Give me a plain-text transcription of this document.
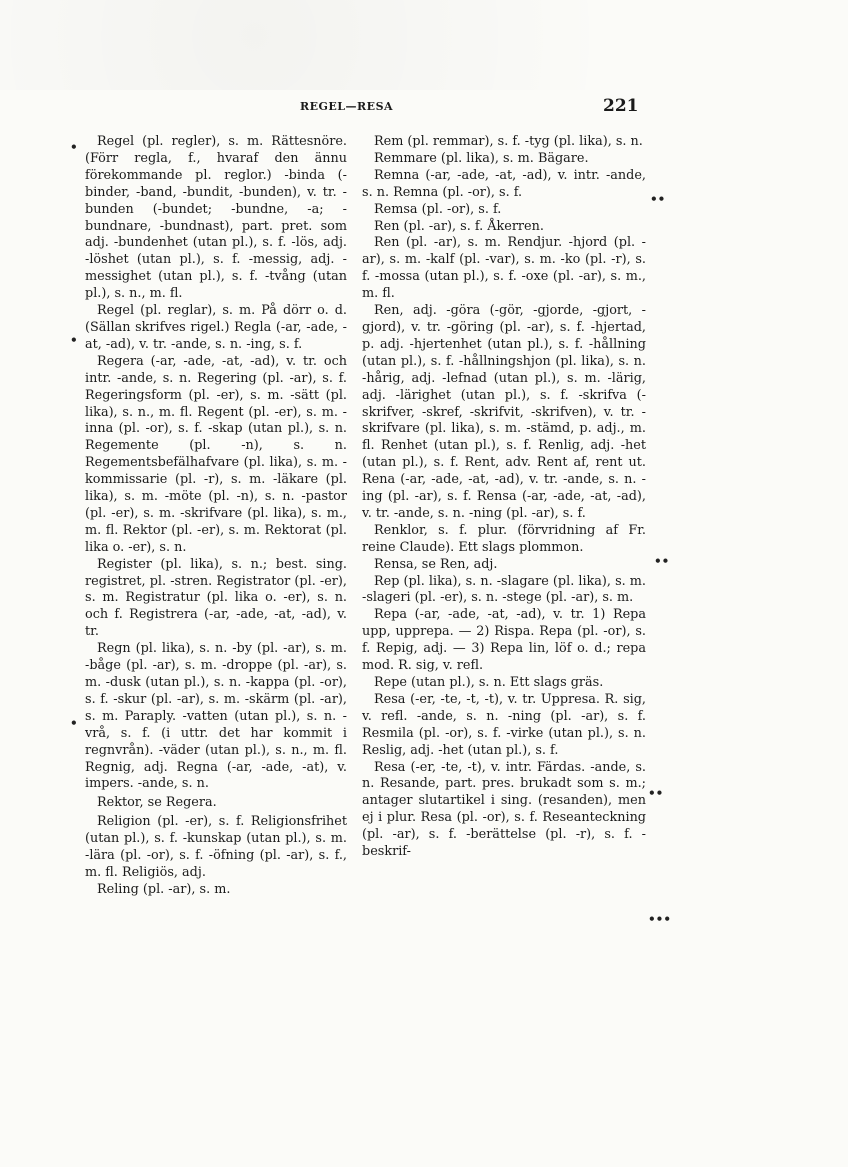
REGEL—RESA	221
•
•
•
••
••
••
•••

Regel (pl. regler), s. m. Rättesnöre. (Förr regla, f., hvaraf den ännu förekommande pl. reglor.) -binda (-binder, -band, -bundit, -bunden), v. tr. -bunden (-bundet; -bundne, -a; -bundnare, -bundnast), part. pret. som adj. -bundenhet (utan pl.), s. f. -lös, adj. -löshet (utan pl.), s. f. -messig, adj. -messighet (utan pl.), s. f. -tvång (utan pl.), s. n., m. fl.

Regel (pl. reglar), s. m. På dörr o. d. (Sällan skrifves rigel.) Regla (-ar, -ade, -at, -ad), v. tr. -ande, s. n. -ing, s. f.

Regera (-ar, -ade, -at, -ad), v. tr. och intr. -ande, s. n. Regering (pl. -ar), s. f. Regeringsform (pl. -er), s. m. -sätt (pl. lika), s. n., m. fl. Regent (pl. -er), s. m. -inna (pl. -or), s. f. -skap (utan pl.), s. n. Regemente (pl. -n), s. n. Regementsbefälhafvare (pl. lika), s. m. -kommissarie (pl. -r), s. m. -läkare (pl. lika), s. m. -möte (pl. -n), s. n. -pastor (pl. -er), s. m. -skrifvare (pl. lika), s. m., m. fl. Rektor (pl. -er), s. m. Rektorat (pl. lika o. -er), s. n.

Register (pl. lika), s. n.; best. sing. registret, pl. -stren. Registrator (pl. -er), s. m. Registratur (pl. lika o. -er), s. n. och f. Registrera (-ar, -ade, -at, -ad), v. tr.

Regn (pl. lika), s. n. -by (pl. -ar), s. m. -båge (pl. -ar), s. m. -droppe (pl. -ar), s. m. -dusk (utan pl.), s. n. -kappa (pl. -or), s. f. -skur (pl. -ar), s. m. -skärm (pl. -ar), s. m. Paraply. -vatten (utan pl.), s. n. -vrå, s. f. (i uttr. det har kommit i regnvrån). -väder (utan pl.), s. n., m. fl. Regnig, adj. Regna (-ar, -ade, -at), v. impers. -ande, s. n.

Rektor, se Regera.

Religion (pl. -er), s. f. Religionsfrihet (utan pl.), s. f. -kunskap (utan pl.), s. m. -lära (pl. -or), s. f. -öfning (pl. -ar), s. f., m. fl. Religiös, adj.

Reling (pl. -ar), s. m.

Rem (pl. remmar), s. f. -tyg (pl. lika), s. n.

Remmare (pl. lika), s. m. Bägare.

Remna (-ar, -ade, -at, -ad), v. intr. -ande, s. n. Remna (pl. -or), s. f.

Remsa (pl. -or), s. f.

Ren (pl. -ar), s. f. Åkerren.

Ren (pl. -ar), s. m. Rendjur. -hjord (pl. -ar), s. m. -kalf (pl. -var), s. m. -ko (pl. -r), s. f. -mossa (utan pl.), s. f. -oxe (pl. -ar), s. m., m. fl.

Ren, adj. -göra (-gör, -gjorde, -gjort, -gjord), v. tr. -göring (pl. -ar), s. f. -hjertad, p. adj. -hjertenhet (utan pl.), s. f. -hållning (utan pl.), s. f. -hållningshjon (pl. lika), s. n. -hårig, adj. -lefnad (utan pl.), s. m. -lärig, adj. -lärighet (utan pl.), s. f. -skrifva (-skrifver, -skref, -skrifvit, -skrifven), v. tr. -skrifvare (pl. lika), s. m. -stämd, p. adj., m. fl. Renhet (utan pl.), s. f. Renlig, adj. -het (utan pl.), s. f. Rent, adv. Rent af, rent ut. Rena (-ar, -ade, -at, -ad), v. tr. -ande, s. n. -ing (pl. -ar), s. f. Rensa (-ar, -ade, -at, -ad), v. tr. -ande, s. n. -ning (pl. -ar), s. f.

Renklor, s. f. plur. (förvridning af Fr. reine Claude). Ett slags plommon.

Rensa, se Ren, adj.

Rep (pl. lika), s. n. -slagare (pl. lika), s. m. -slageri (pl. -er), s. n. -stege (pl. -ar), s. m.

Repa (-ar, -ade, -at, -ad), v. tr. 1) Repa upp, uppreра. — 2) Rispa. Repa (pl. -or), s. f. Repig, adj. — 3) Repa lin, löf o. d.; repa mod. R. sig, v. refl.

Repe (utan pl.), s. n. Ett slags gräs.

Resa (-er, -te, -t, -t), v. tr. Uppresa. R. sig, v. refl. -ande, s. n. -ning (pl. -ar), s. f. Resmila (pl. -or), s. f. -virke (utan pl.), s. n. Reslig, adj. -het (utan pl.), s. f.

Resa (-er, -te, -t), v. intr. Färdas. -ande, s. n. Resande, part. pres. brukadt som s. m.; antager slutartikel i sing. (resanden), men ej i plur. Resa (pl. -or), s. f. Reseanteckning (pl. -ar), s. f. -berättelse (pl. -r), s. f. -beskrif-
